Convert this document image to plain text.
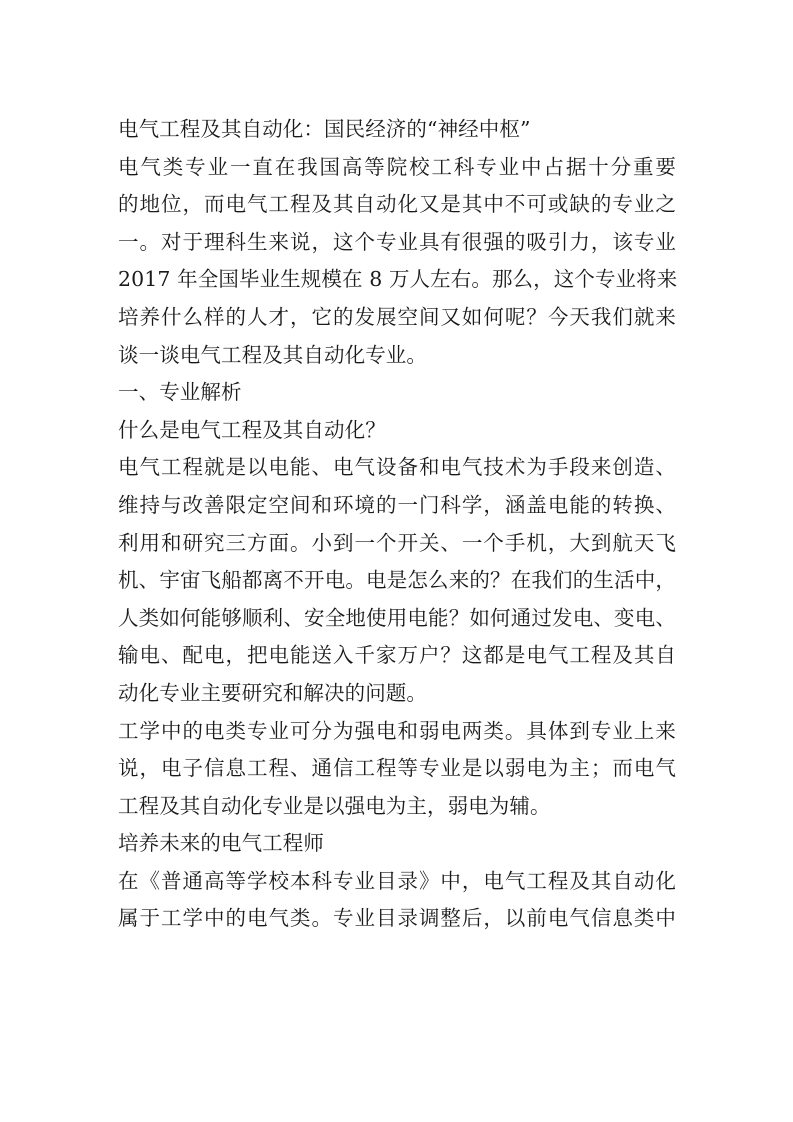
电气工程及其自动化：国民经济的“神经中枢”
电气类专业一直在我国高等院校工科专业中占据十分重要
的地位，而电气工程及其自动化又是其中不可或缺的专业之
一。对于理科生来说，这个专业具有很强的吸引力，该专业
2017 年全国毕业生规模在 8 万人左右。那么，这个专业将来
培养什么样的人才，它的发展空间又如何呢？今天我们就来
谈一谈电气工程及其自动化专业。
一、专业解析
什么是电气工程及其自动化？
电气工程就是以电能、电气设备和电气技术为手段来创造、
维持与改善限定空间和环境的一门科学，涵盖电能的转换、
利用和研究三方面。小到一个开关、一个手机，大到航天飞
机、宇宙飞船都离不开电。电是怎么来的？在我们的生活中，
人类如何能够顺利、安全地使用电能？如何通过发电、变电、
输电、配电，把电能送入千家万户？这都是电气工程及其自
动化专业主要研究和解决的问题。
工学中的电类专业可分为强电和弱电两类。具体到专业上来
说，电子信息工程、通信工程等专业是以弱电为主；而电气
工程及其自动化专业是以强电为主，弱电为辅。
培养未来的电气工程师
在《普通高等学校本科专业目录》中，电气工程及其自动化
属于工学中的电气类。专业目录调整后，以前电气信息类中
